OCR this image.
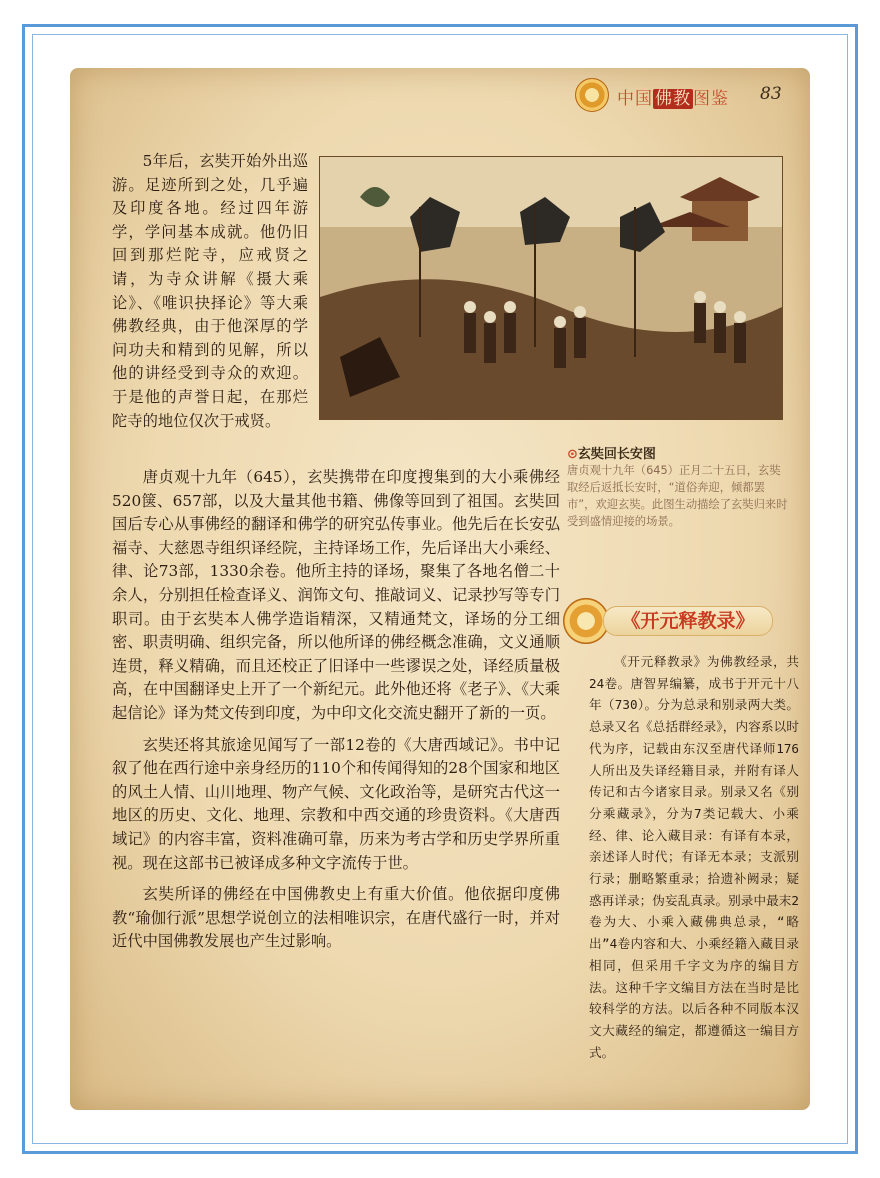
中国 佛教 图鉴 83

5年后，玄奘开始外出巡游。足迹所到之处，几乎遍及印度各地。经过四年游学，学问基本成就。他仍旧回到那烂陀寺，应戒贤之请，为寺众讲解《摄大乘论》、《唯识抉择论》等大乘佛教经典，由于他深厚的学问功夫和精到的见解，所以他的讲经受到寺众的欢迎。于是他的声誉日起，在那烂陀寺的地位仅次于戒贤。

⊙玄奘回长安图
唐贞观十九年（645）正月二十五日，玄奘取经后返抵长安时，“道俗奔迎，倾都罢市”，欢迎玄奘。此图生动描绘了玄奘归来时受到盛情迎接的场景。

唐贞观十九年（645），玄奘携带在印度搜集到的大小乘佛经520箧、657部，以及大量其他书籍、佛像等回到了祖国。玄奘回国后专心从事佛经的翻译和佛学的研究弘传事业。他先后在长安弘福寺、大慈恩寺组织译经院，主持译场工作，先后译出大小乘经、律、论73部，1330余卷。他所主持的译场，聚集了各地名僧二十余人，分别担任检查译义、润饰文句、推敲词义、记录抄写等专门职司。由于玄奘本人佛学造诣精深，又精通梵文，译场的分工细密、职责明确、组织完备，所以他所译的佛经概念准确，文义通顺连贯，释义精确，而且还校正了旧译中一些谬误之处，译经质量极高，在中国翻译史上开了一个新纪元。此外他还将《老子》、《大乘起信论》译为梵文传到印度，为中印文化交流史翻开了新的一页。

玄奘还将其旅途见闻写了一部12卷的《大唐西域记》。书中记叙了他在西行途中亲身经历的110个和传闻得知的28个国家和地区的风土人情、山川地理、物产气候、文化政治等，是研究古代这一地区的历史、文化、地理、宗教和中西交通的珍贵资料。《大唐西域记》的内容丰富，资料准确可靠，历来为考古学和历史学界所重视。现在这部书已被译成多种文字流传于世。

玄奘所译的佛经在中国佛教史上有重大价值。他依据印度佛教“瑜伽行派”思想学说创立的法相唯识宗，在唐代盛行一时，并对近代中国佛教发展也产生过影响。

《开元释教录》

《开元释教录》为佛教经录，共24卷。唐智昇编纂，成书于开元十八年（730）。分为总录和别录两大类。总录又名《总括群经录》，内容系以时代为序，记载由东汉至唐代译师176人所出及失译经籍目录，并附有译人传记和古今诸家目录。别录又名《别分乘藏录》，分为7类记载大、小乘经、律、论入藏目录：有译有本录，亲述译人时代；有译无本录；支派别行录；删略繁重录；拾遗补阙录；疑惑再详录；伪妄乱真录。别录中最末2卷为大、小乘入藏佛典总录，“略出”4卷内容和大、小乘经籍入藏目录相同，但采用千字文为序的编目方法。这种千字文编目方法在当时是比较科学的方法。以后各种不同版本汉文大藏经的编定，都遵循这一编目方式。
